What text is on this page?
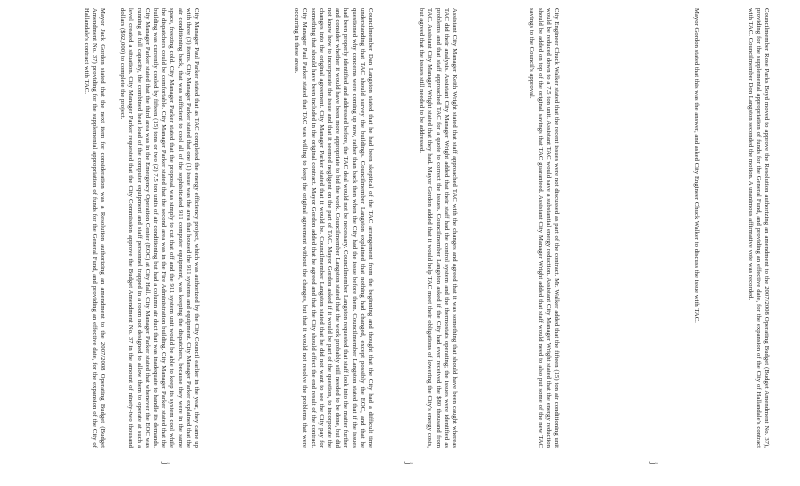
Mayor Jack Gordon stated that the next item for consideration was a Resolution authorizing an amendment to the 2007/2008 Operating Budget (Budget Amendment No. 37) providing for the supplemental appropriation of funds for the General Fund, and providing an effective date, for the expansion of the City of Hallandale's contract with TAC.	City Manager Paul Parker stated that as TAC completed the energy efficiency project, which was authorized by the City Council earlier in the year, they came up with three (3) items. City Manager Parker stated that one (1) issue was the area that housed the 911 systems and equipment. City Manager Parker explained that the air conditioning back, that was sufficient to cool all of the sophisticated 911 computer equipment, was keeping the dispatchers, because they were in the same space, freezing cold. City Manager Parker stated that the proposal was simply to cut that off and the 911 system unit would be able to keep its system cool while the dispatchers could be comfortable. City Manager Parker stated that the second area was in the Fire Administration building. City Manager Parker stated that the building was currently cooled by fifteen (15) tons or two (2) 7.5 ton units of air conditioning but had a column air duct that was inadequate to handle its demands. City Manager Parker stated that the third area was in the Emergency Operation Center (EOC) at City Hall. City Manager Parker stated that whenever the EOC was running at full capacity, the combined heat load of the computer equipment and staff personnel trapped in a room not designed to allow them to operate at such a level created a situation. City Manager Parker requested that the City Commission approve the Budget Amendment No. 37 in the amount of ninety-two thousand dollars ($92,000) to complete the project.	Councilmember Dan Langston stated that he had been skeptical of the TAC arrangement from the beginning and thought that the City had a difficult time understanding that TAC should survey the buildings. Councilmember Langston explained that nothing had changed, except possibly the EOC, and that he questioned why concerns were coming up now, rather than back then when the City had the issue before them. Councilmember Langston stated that if the issues had been properly identified and addressed before, the TAC deal would not be necessary. Councilmember Langston requested that staff look into the matter further and consider whether it would have been more appropriate to bid the work. Councilmember Langston stated that the work probably still needed to be done, but did not know how to incorporate the issue and that it seemed negligent on the part of TAC. Mayor Gordon asked if it would be part of the question, to incorporate the changes into the original agreement. City Manager Parker stated that it would be. Councilmember Langston stated that he did not want to see the City pay for something that should have been included in the original contract. Mayor Gordon added that he agreed and that the City should effect the end result of the contract. City Manager Paul Parker stated that TAC was willing to keep the original agreement without the changes, but that it would not resolve the problems that were occurring in these areas.	Assistant City Manager Keith Wright stated that staff approached TAC with the changes and agreed that it was something that should have been caught whereas TAC did their analysis. Assistant City Manager Wright added that their staff had the control system and the thermostats operating; the issues were identified as problems and that staff approached TAC for a quote to correct the issues. Councilmember Langston asked if the City had ever received the $80 thousand from TAC. Assistant City Manager Wright stated that they had. Mayor Gordon added that it would help TAC meet their obligations of lowering the City's energy costs, but agreed that the issues still needed to be addressed.	City Engineer Chuck Walker stated that the recent issues were not discussed as part of the contract. Mr. Walker added that the fifteen (15) ton air conditioning unit would be reduced down to a 7.5 ton unit. Assistant TAC would save a substantial energy reduction. Assistant City Manager Wright stated that the energy reduction should be added on top of the original savings that TAC guaranteed. Assistant City Manager Wright added that staff would need to also put some of the new TAC savings to the Council's approval.	Mayor Gordon stated that this was the answer, and asked City Engineer Chuck Walker to discuss the issue with TAC.	Councilmember Rose Parks Boyd moved to approve the Resolution authorizing an amendment to the 2007/2008 Operating Budget (Budget Amendment No. 37), providing for the supplemental appropriation of funds for the General Fund, and providing an effective date, for the expansion of the City of Hallandale's contract with TAC. Councilmember Don Langston seconded the motion. A unanimous affirmative vote was recorded.

j	j	j
